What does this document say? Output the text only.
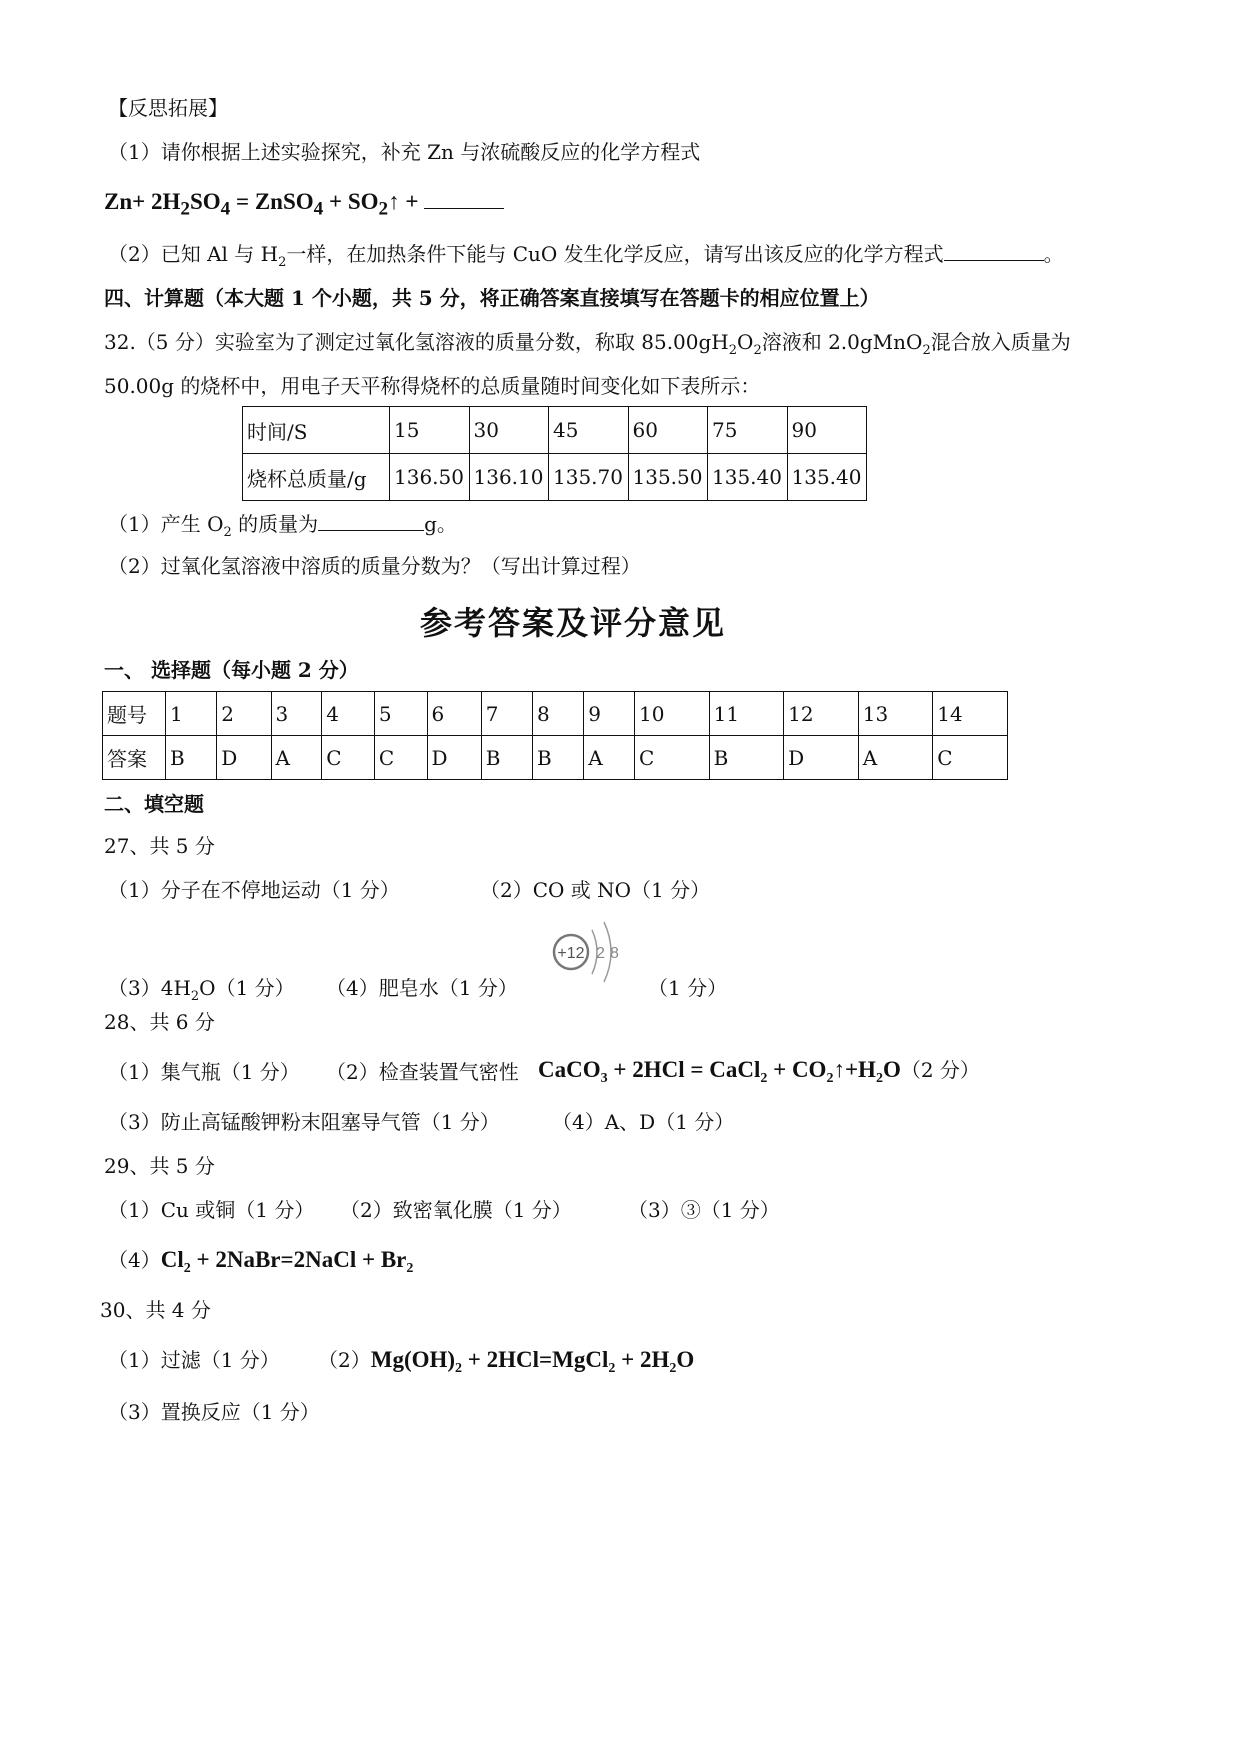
【反思拓展】
（1）请你根据上述实验探究，补充 Zn 与浓硫酸反应的化学方程式
$Zn+ 2H_2SO_4$ = ZnSO$_4$ + $SO_2↑$ +
（2）已知 Al 与 $H_2$一样，在加热条件下能与 CuO 发生化学反应，请写出该反应的化学方程式	。
四、计算题（本大题 1 个小题，共 5 分，将正确答案直接填写在答题卡的相应位置上）
32.（5 分）实验室为了测定过氧化氢溶液的质量分数，称取 $85.00gH_2O_2$溶液和 2.0gMnO$_2$混合放入质量为
50.00g 的烧杯中，用电子天平称得烧杯的总质量随时间变化如下表所示：
时间/S	15	30	45	60	75	90
烧杯总质量/g	136.50	136.10	135.70	135.50	135.40	135.40
（1）产生 $O_2$ 的质量为	g。
（2）过氧化氢溶液中溶质的质量分数为？（写出计算过程）
参考答案及评分意见
一、 选择题（每小题 2 分）
题号	1	2	3	4	5	6	7	8	9	10	11	12	13	14
答案	B	D	A	C	C	D	B	B	A	C	B	D	A	C
二、填空题
27、共 5 分
（1）分子在不停地运动（1 分）	（2）CO 或 NO（1 分）
+12 2 8
$(3)4H_2O(1$ 分） （4）肥皂水（1 分）	（1 分）
28、共 6 分
（1）集气瓶（1 分） （2）检查装置气密性 CaCO$_3$ + 2HCl = CaCl$_2$ + $CO_2↑+H_2O(2$ 分）
（3）防止高锰酸钾粉末阻塞导气管（1 分）	（4）A、D（1 分）
29、共 5 分
（1）Cu 或铜（1 分） （2）致密氧化膜（1 分）	（3）③（1 分）
$(4)Cl_2$ + 2NaBr=2NaCl + $Br_2$
30、共 4 分
（1）过滤（1 分） $(2)Mg(OH)_2$ + 2HCl=MgCl$_2$ + $2H_2O$
（3）置换反应（1 分）
